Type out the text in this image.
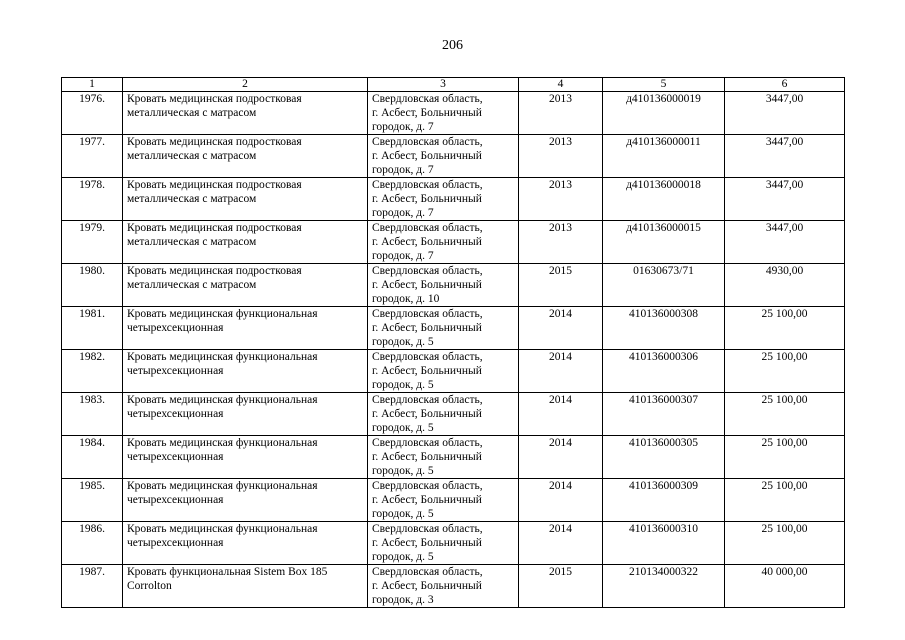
206
1	2	3	4	5	6
1976.	Кровать медицинская подростковая металлическая с матрасом	Свердловская область,
г. Асбест, Больничный
городок, д. 7	2013	д410136000019	3447,00
1977.	Кровать медицинская подростковая металлическая с матрасом	Свердловская область,
г. Асбест, Больничный
городок, д. 7	2013	д410136000011	3447,00
1978.	Кровать медицинская подростковая металлическая с матрасом	Свердловская область,
г. Асбест, Больничный
городок, д. 7	2013	д410136000018	3447,00
1979.	Кровать медицинская подростковая металлическая с матрасом	Свердловская область,
г. Асбест, Больничный
городок, д. 7	2013	д410136000015	3447,00
1980.	Кровать медицинская подростковая металлическая с матрасом	Свердловская область,
г. Асбест, Больничный
городок, д. 10	2015	01630673/71	4930,00
1981.	Кровать медицинская функциональная четырехсекционная	Свердловская область,
г. Асбест, Больничный
городок, д. 5	2014	410136000308	25 100,00
1982.	Кровать медицинская функциональная четырехсекционная	Свердловская область,
г. Асбест, Больничный
городок, д. 5	2014	410136000306	25 100,00
1983.	Кровать медицинская функциональная четырехсекционная	Свердловская область,
г. Асбест, Больничный
городок, д. 5	2014	410136000307	25 100,00
1984.	Кровать медицинская функциональная четырехсекционная	Свердловская область,
г. Асбест, Больничный
городок, д. 5	2014	410136000305	25 100,00
1985.	Кровать медицинская функциональная четырехсекционная	Свердловская область,
г. Асбест, Больничный
городок, д. 5	2014	410136000309	25 100,00
1986.	Кровать медицинская функциональная четырехсекционная	Свердловская область,
г. Асбест, Больничный
городок, д. 5	2014	410136000310	25 100,00
1987.	Кровать функциональная Sistem Box 185 Corrolton	Свердловская область,
г. Асбест, Больничный
городок, д. 3	2015	210134000322	40 000,00
